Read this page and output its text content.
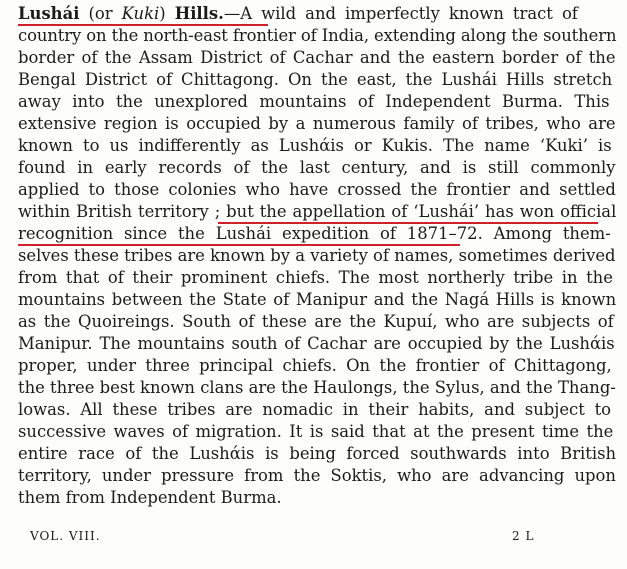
Lushái (or Kuki) Hills.—A wild and imperfectly known tract of
country on the north-east frontier of India, extending along the southern
border of the Assam District of Cachar and the eastern border of the
Bengal District of Chittagong. On the east, the Lushái Hills stretch
away into the unexplored mountains of Independent Burma. This
extensive region is occupied by a numerous family of tribes, who are
known to us indifferently as Lushάis or Kukis. The name ‘Kuki’ is
found in early records of the last century, and is still commonly
applied to those colonies who have crossed the frontier and settled
within British territory ; but the appellation of ‘Lushái’ has won official
recognition since the Lushái expedition of 1871–72. Among them-
selves these tribes are known by a variety of names, sometimes derived
from that of their prominent chiefs. The most northerly tribe in the
mountains between the State of Manipur and the Nagá Hills is known
as the Quoireings. South of these are the Kupuí, who are subjects of
Manipur. The mountains south of Cachar are occupied by the Lushάis
proper, under three principal chiefs. On the frontier of Chittagong,
the three best known clans are the Haulongs, the Sylus, and the Thang-
lowas. All these tribes are nomadic in their habits, and subject to
successive waves of migration. It is said that at the present time the
entire race of the Lushάis is being forced southwards into British
territory, under pressure from the Soktis, who are advancing upon
them from Independent Burma.
VOL. VIII.	2 L
